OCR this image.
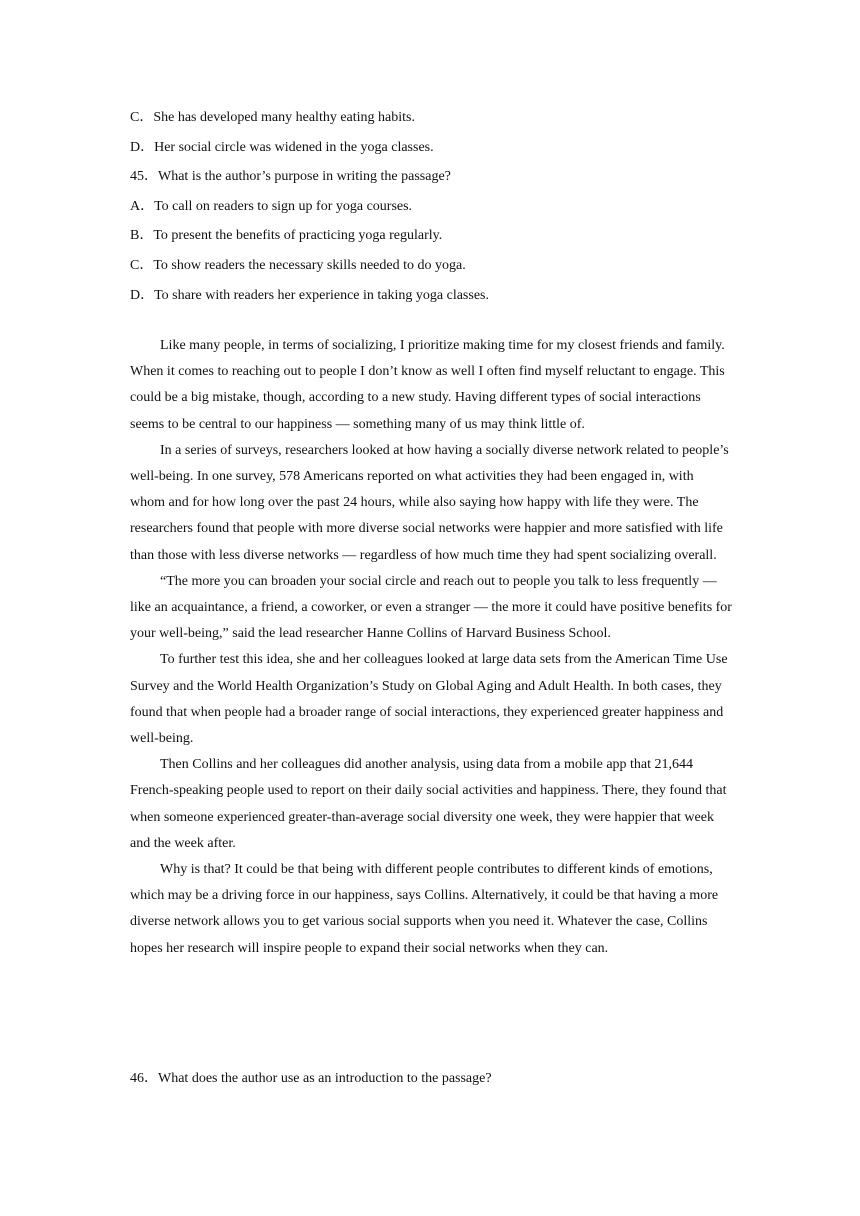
C．She has developed many healthy eating habits.
D．Her social circle was widened in the yoga classes.
45．What is the author’s purpose in writing the passage?
A．To call on readers to sign up for yoga courses.
B．To present the benefits of practicing yoga regularly.
C．To show readers the necessary skills needed to do yoga.
D．To share with readers her experience in taking yoga classes.

Like many people, in terms of socializing, I prioritize making time for my closest friends and family. When it comes to reaching out to people I don’t know as well I often find myself reluctant to engage. This could be a big mistake, though, according to a new study. Having different types of social interactions seems to be central to our happiness — something many of us may think little of.

In a series of surveys, researchers looked at how having a socially diverse network related to people’s well-being. In one survey, 578 Americans reported on what activities they had been engaged in, with whom and for how long over the past 24 hours, while also saying how happy with life they were. The researchers found that people with more diverse social networks were happier and more satisfied with life than those with less diverse networks — regardless of how much time they had spent socializing overall.

“The more you can broaden your social circle and reach out to people you talk to less frequently — like an acquaintance, a friend, a coworker, or even a stranger — the more it could have positive benefits for your well-being,” said the lead researcher Hanne Collins of Harvard Business School.

To further test this idea, she and her colleagues looked at large data sets from the American Time Use Survey and the World Health Organization’s Study on Global Aging and Adult Health. In both cases, they found that when people had a broader range of social interactions, they experienced greater happiness and well-being.

Then Collins and her colleagues did another analysis, using data from a mobile app that 21,644 French-speaking people used to report on their daily social activities and happiness. There, they found that when someone experienced greater-than-average social diversity one week, they were happier that week and the week after.

Why is that? It could be that being with different people contributes to different kinds of emotions, which may be a driving force in our happiness, says Collins. Alternatively, it could be that having a more diverse network allows you to get various social supports when you need it. Whatever the case, Collins hopes her research will inspire people to expand their social networks when they can.

46．What does the author use as an introduction to the passage?
